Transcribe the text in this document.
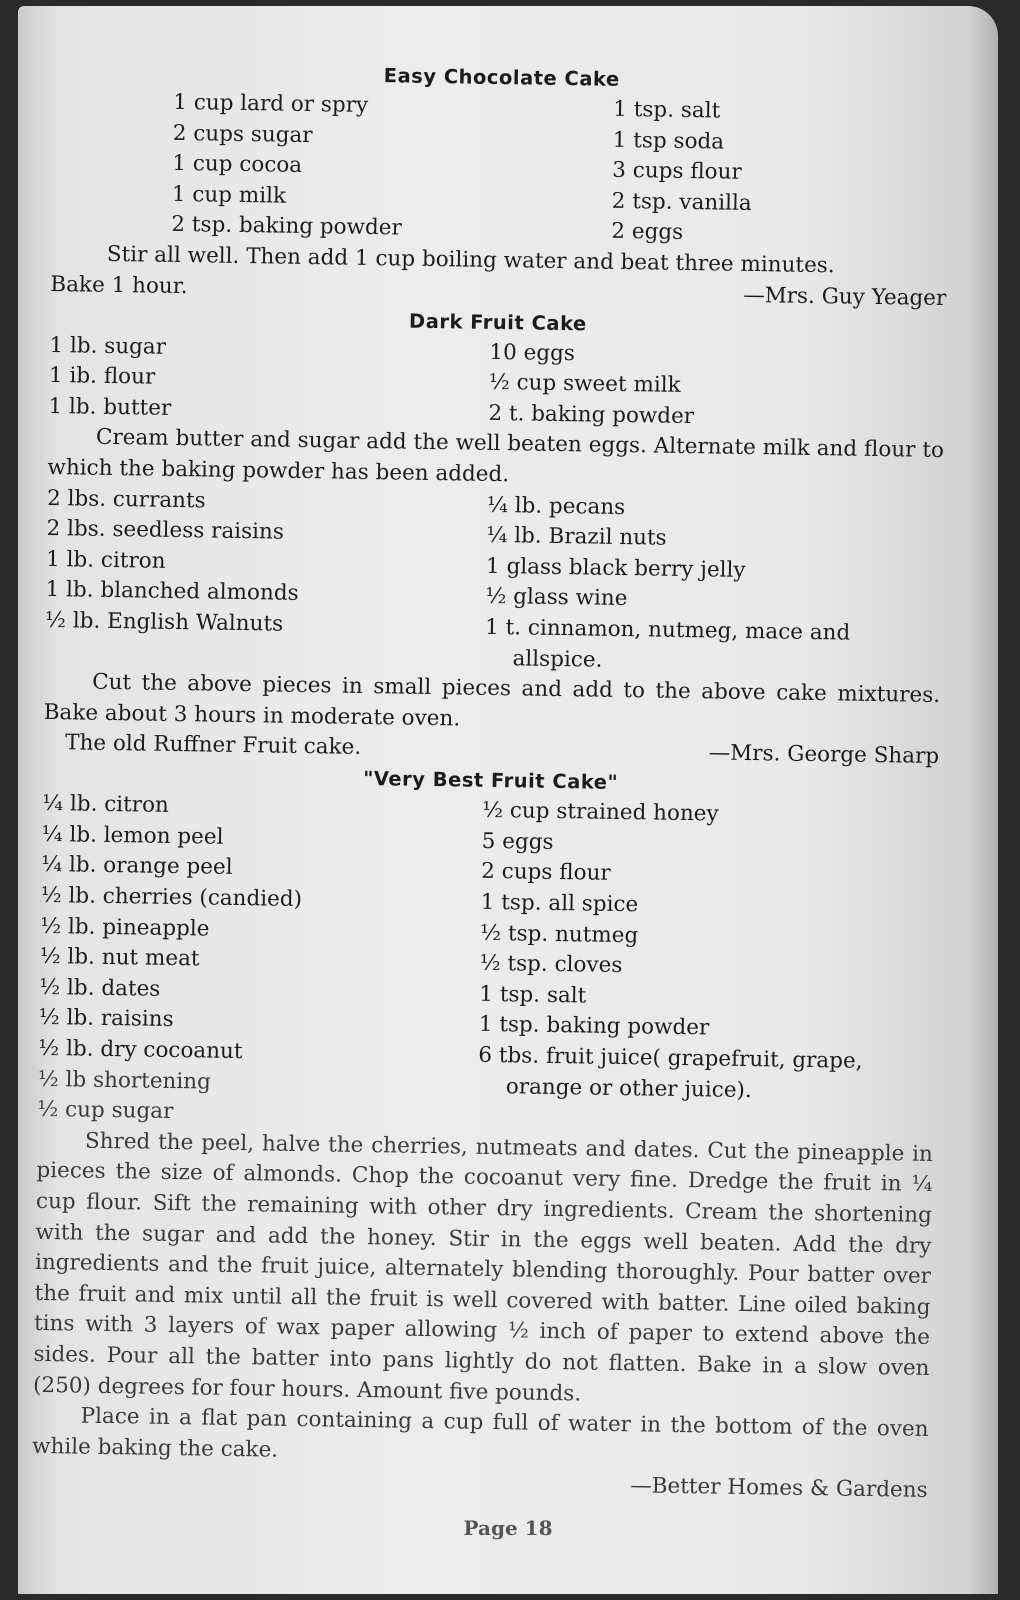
Easy Chocolate Cake
1 cup lard or spry
2 cups sugar
1 cup cocoa
1 cup milk
2 tsp. baking powder
1 tsp. salt
1 tsp soda
3 cups flour
2 tsp. vanilla
2 eggs

Stir all well. Then add 1 cup boiling water and beat three minutes.

Bake 1 hour.	—Mrs. Guy Yeager
Dark Fruit Cake
1 lb. sugar
1 ib. flour
1 lb. butter
10 eggs
½ cup sweet milk
2 t. baking powder

Cream butter and sugar add the well beaten eggs. Alternate milk and flour to which the baking powder has been added.

2 lbs. currants
2 lbs. seedless raisins
1 lb. citron
1 lb. blanched almonds
½ lb. English Walnuts
¼ lb. pecans
¼ lb. Brazil nuts
1 glass black berry jelly
½ glass wine
1 t. cinnamon, nutmeg, mace and allspice.

Cut the above pieces in small pieces and add to the above cake mixtures. Bake about 3 hours in moderate oven.

The old Ruffner Fruit cake.	—Mrs. George Sharp
"Very Best Fruit Cake"
¼ lb. citron
¼ lb. lemon peel
¼ lb. orange peel
½ lb. cherries (candied)
½ lb. pineapple
½ lb. nut meat
½ lb. dates
½ lb. raisins
½ lb. dry cocoanut
½ lb shortening
½ cup sugar
½ cup strained honey
5 eggs
2 cups flour
1 tsp. all spice
½ tsp. nutmeg
½ tsp. cloves
1 tsp. salt
1 tsp. baking powder
6 tbs. fruit juice( grapefruit, grape, orange or other juice).

Shred the peel, halve the cherries, nutmeats and dates. Cut the pineapple in pieces the size of almonds. Chop the cocoanut very fine. Dredge the fruit in ¼ cup flour. Sift the remaining with other dry ingredients. Cream the shortening with the sugar and add the honey. Stir in the eggs well beaten. Add the dry ingredients and the fruit juice, alternately blending thoroughly. Pour batter over the fruit and mix until all the fruit is well covered with batter. Line oiled baking tins with 3 layers of wax paper allowing ½ inch of paper to extend above the sides. Pour all the batter into pans lightly do not flatten. Bake in a slow oven (250) degrees for four hours. Amount five pounds.

Place in a flat pan containing a cup full of water in the bottom of the oven while baking the cake.

—Better Homes & Gardens
Page 18
